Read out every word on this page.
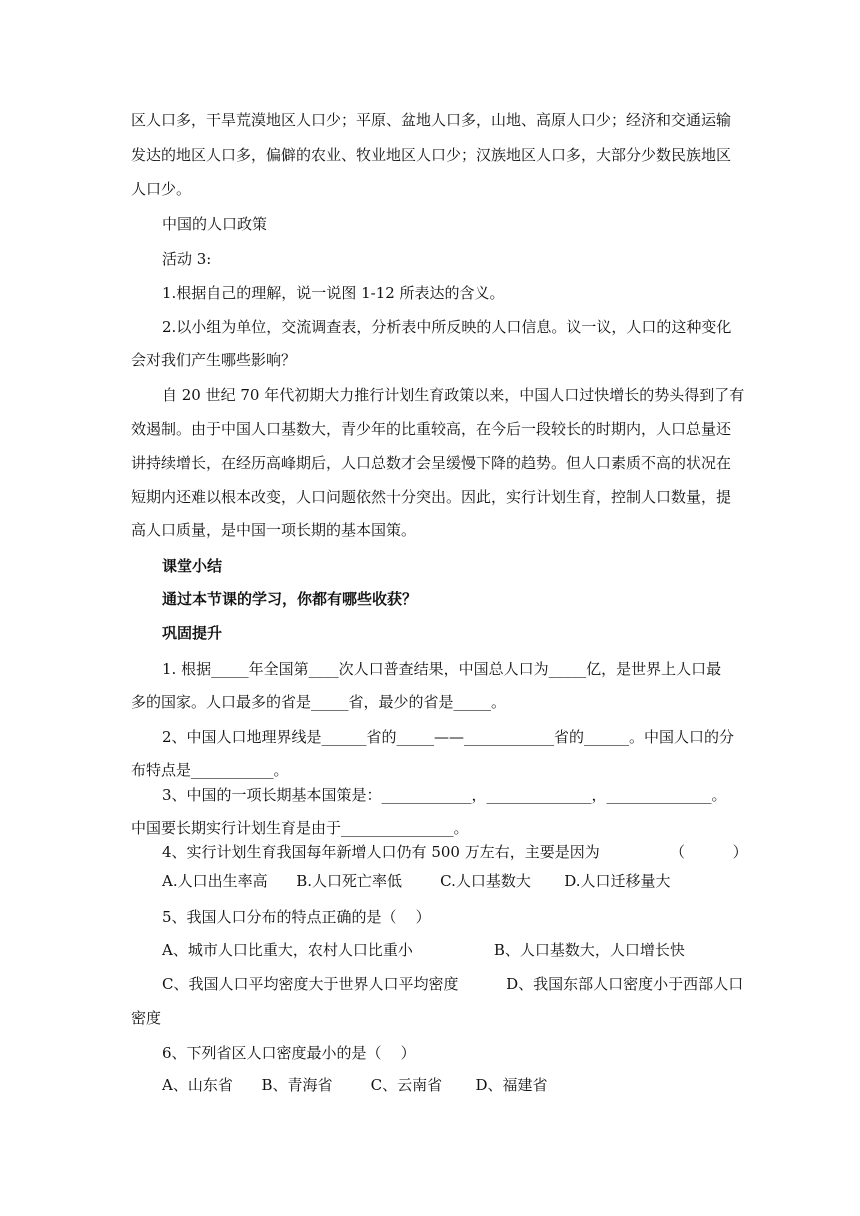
区人口多，干旱荒漠地区人口少；平原、盆地人口多，山地、高原人口少；经济和交通运输
发达的地区人口多，偏僻的农业、牧业地区人口少；汉族地区人口多，大部分少数民族地区
人口少。
中国的人口政策
活动 3:
1.根据自己的理解，说一说图 1-12 所表达的含义。
2.以小组为单位，交流调查表，分析表中所反映的人口信息。议一议，人口的这种变化
会对我们产生哪些影响？
自 20 世纪 70 年代初期大力推行计划生育政策以来，中国人口过快增长的势头得到了有
效遏制。由于中国人口基数大，青少年的比重较高，在今后一段较长的时期内，人口总量还
讲持续增长，在经历高峰期后，人口总数才会呈缓慢下降的趋势。但人口素质不高的状况在
短期内还难以根本改变，人口问题依然十分突出。因此，实行计划生育，控制人口数量，提
高人口质量，是中国一项长期的基本国策。
课堂小结
通过本节课的学习，你都有哪些收获？
巩固提升
1. 根据_____年全国第____次人口普查结果，中国总人口为_____亿，是世界上人口最
多的国家。人口最多的省是_____省，最少的省是_____。
2、中国人口地理界线是______省的_____——____________省的______。中国人口的分
布特点是___________。
3、中国的一项长期基本国策是：____________，______________，______________。
中国要长期实行计划生育是由于_______________。
4、实行计划生育我国每年新增人口仍有 500 万左右，主要是因为	（          ）
A.人口出生率高      B.人口死亡率低        C.人口基数大       D.人口迁移量大
5、我国人口分布的特点正确的是（    ）
A、城市人口比重大，农村人口比重小                 B、人口基数大，人口增长快
C、我国人口平均密度大于世界人口平均密度          D、我国东部人口密度小于西部人口
密度
6、下列省区人口密度最小的是（    ）
A、山东省      B、青海省        C、云南省       D、福建省
